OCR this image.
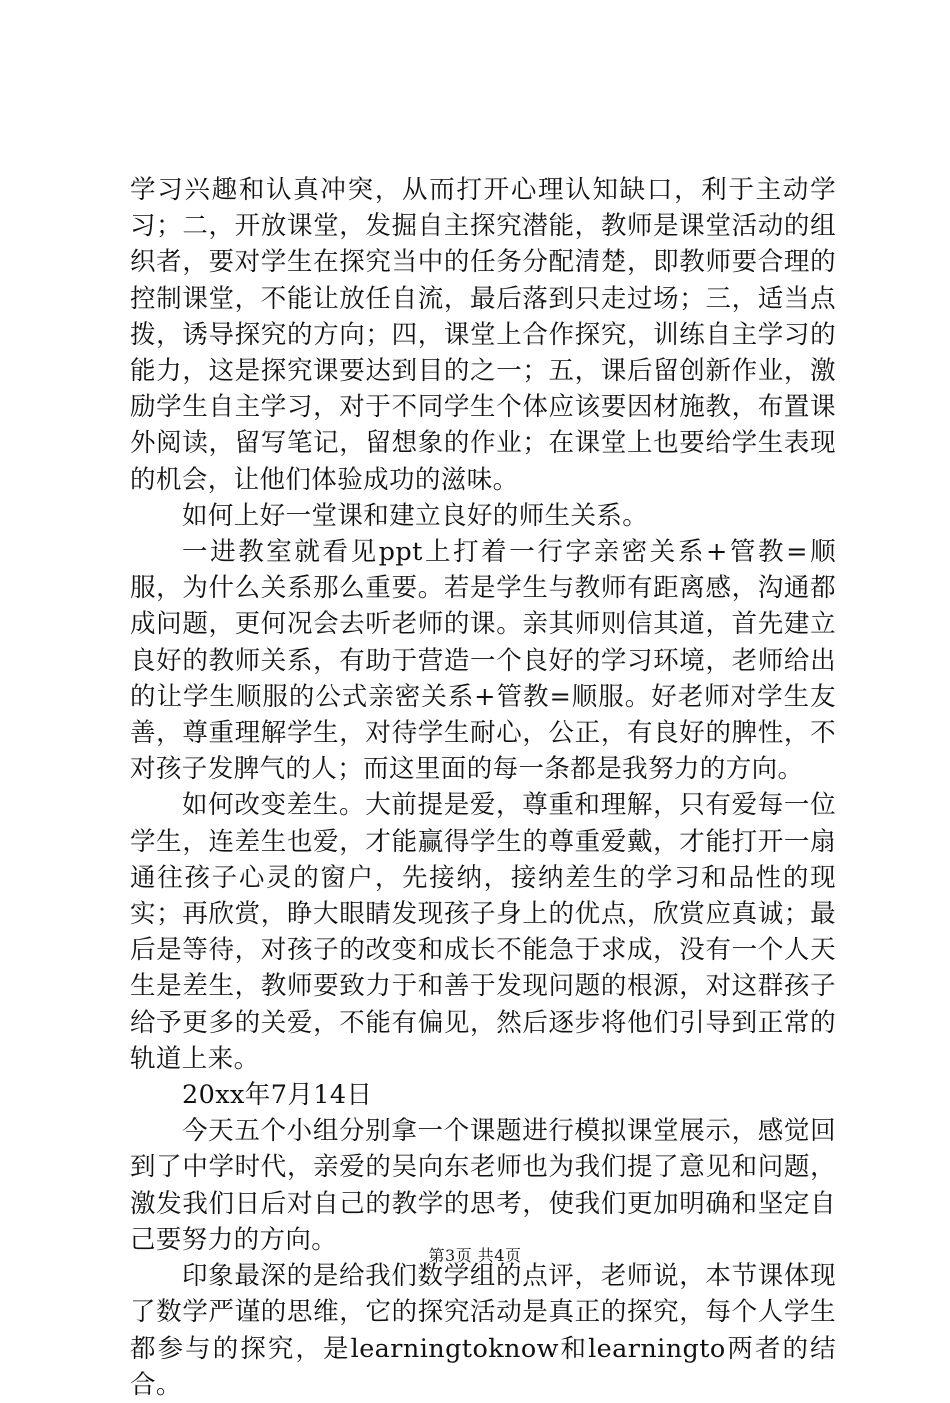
学习兴趣和认真冲突，从而打开心理认知缺口，利于主动学习；二，开放课堂，发掘自主探究潜能，教师是课堂活动的组织者，要对学生在探究当中的任务分配清楚，即教师要合理的控制课堂，不能让放任自流，最后落到只走过场；三，适当点拨，诱导探究的方向；四，课堂上合作探究，训练自主学习的能力，这是探究课要达到目的之一；五，课后留创新作业，激励学生自主学习，对于不同学生个体应该要因材施教，布置课外阅读，留写笔记，留想象的作业；在课堂上也要给学生表现的机会，让他们体验成功的滋味。

如何上好一堂课和建立良好的师生关系。

一进教室就看见ppt上打着一行字亲密关系+管教=顺服，为什么关系那么重要。若是学生与教师有距离感，沟通都成问题，更何况会去听老师的课。亲其师则信其道，首先建立良好的教师关系，有助于营造一个良好的学习环境，老师给出的让学生顺服的公式亲密关系+管教=顺服。好老师对学生友善，尊重理解学生，对待学生耐心，公正，有良好的脾性，不对孩子发脾气的人；而这里面的每一条都是我努力的方向。

如何改变差生。大前提是爱，尊重和理解，只有爱每一位学生，连差生也爱，才能赢得学生的尊重爱戴，才能打开一扇通往孩子心灵的窗户，先接纳，接纳差生的学习和品性的现实；再欣赏，睁大眼睛发现孩子身上的优点，欣赏应真诚；最后是等待，对孩子的改变和成长不能急于求成，没有一个人天生是差生，教师要致力于和善于发现问题的根源，对这群孩子给予更多的关爱，不能有偏见，然后逐步将他们引导到正常的轨道上来。

20xx年7月14日

今天五个小组分别拿一个课题进行模拟课堂展示，感觉回到了中学时代，亲爱的吴向东老师也为我们提了意见和问题，激发我们日后对自己的教学的思考，使我们更加明确和坚定自己要努力的方向。

印象最深的是给我们数学组的点评，老师说，本节课体现了数学严谨的思维，它的探究活动是真正的探究，每个人学生都参与的探究，是learningtoknow和learningto两者的结合。

第3页 共4页
